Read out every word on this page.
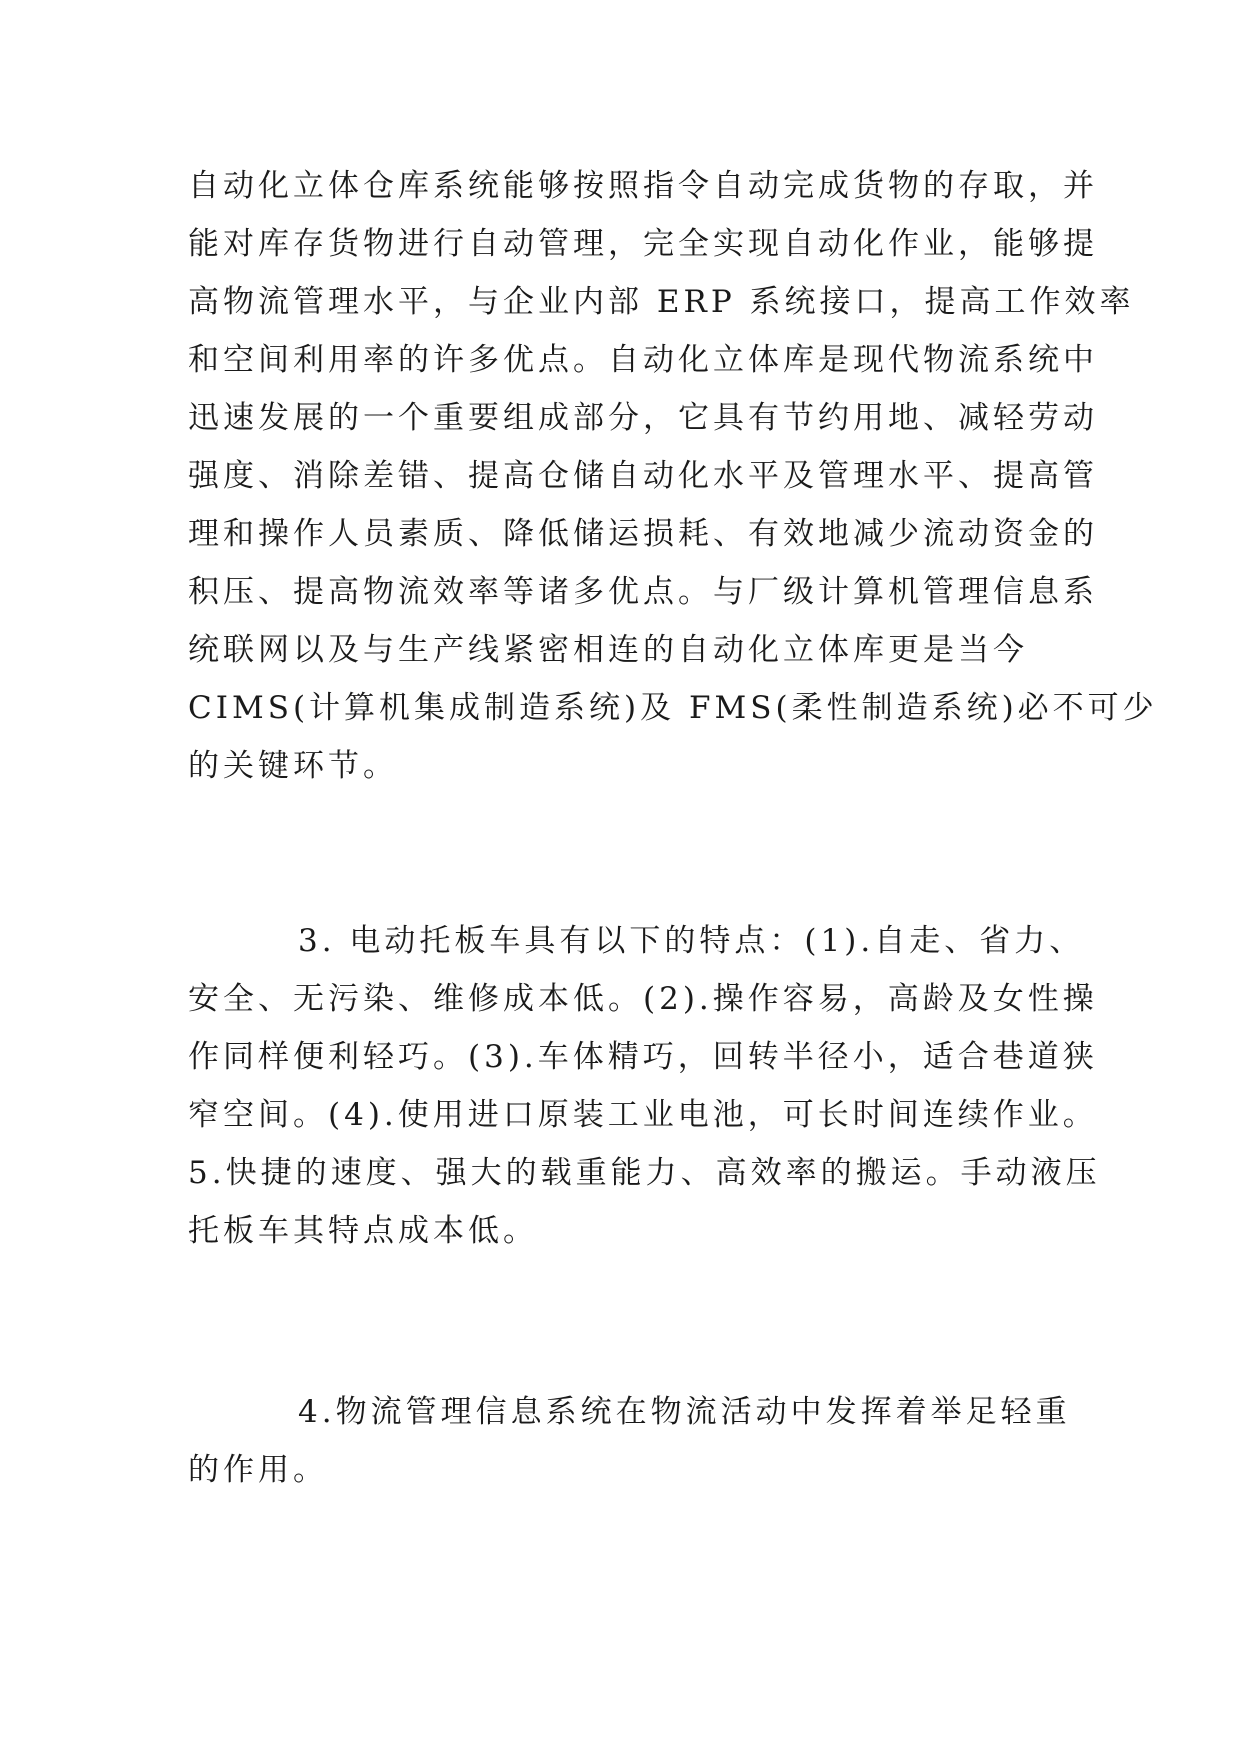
自动化立体仓库系统能够按照指令自动完成货物的存取，并
能对库存货物进行自动管理，完全实现自动化作业，能够提
高物流管理水平，与企业内部 ERP 系统接口，提高工作效率
和空间利用率的许多优点。自动化立体库是现代物流系统中
迅速发展的一个重要组成部分，它具有节约用地、减轻劳动
强度、消除差错、提高仓储自动化水平及管理水平、提高管
理和操作人员素质、降低储运损耗、有效地减少流动资金的
积压、提高物流效率等诸多优点。与厂级计算机管理信息系
统联网以及与生产线紧密相连的自动化立体库更是当今
CIMS(计算机集成制造系统)及 FMS(柔性制造系统)必不可少
的关键环节。

3. 电动托板车具有以下的特点：(1).自走、省力、
安全、无污染、维修成本低。(2).操作容易，高龄及女性操
作同样便利轻巧。(3).车体精巧，回转半径小，适合巷道狭
窄空间。(4).使用进口原装工业电池，可长时间连续作业。
5.快捷的速度、强大的载重能力、高效率的搬运。手动液压
托板车其特点成本低。

4.物流管理信息系统在物流活动中发挥着举足轻重
的作用。
